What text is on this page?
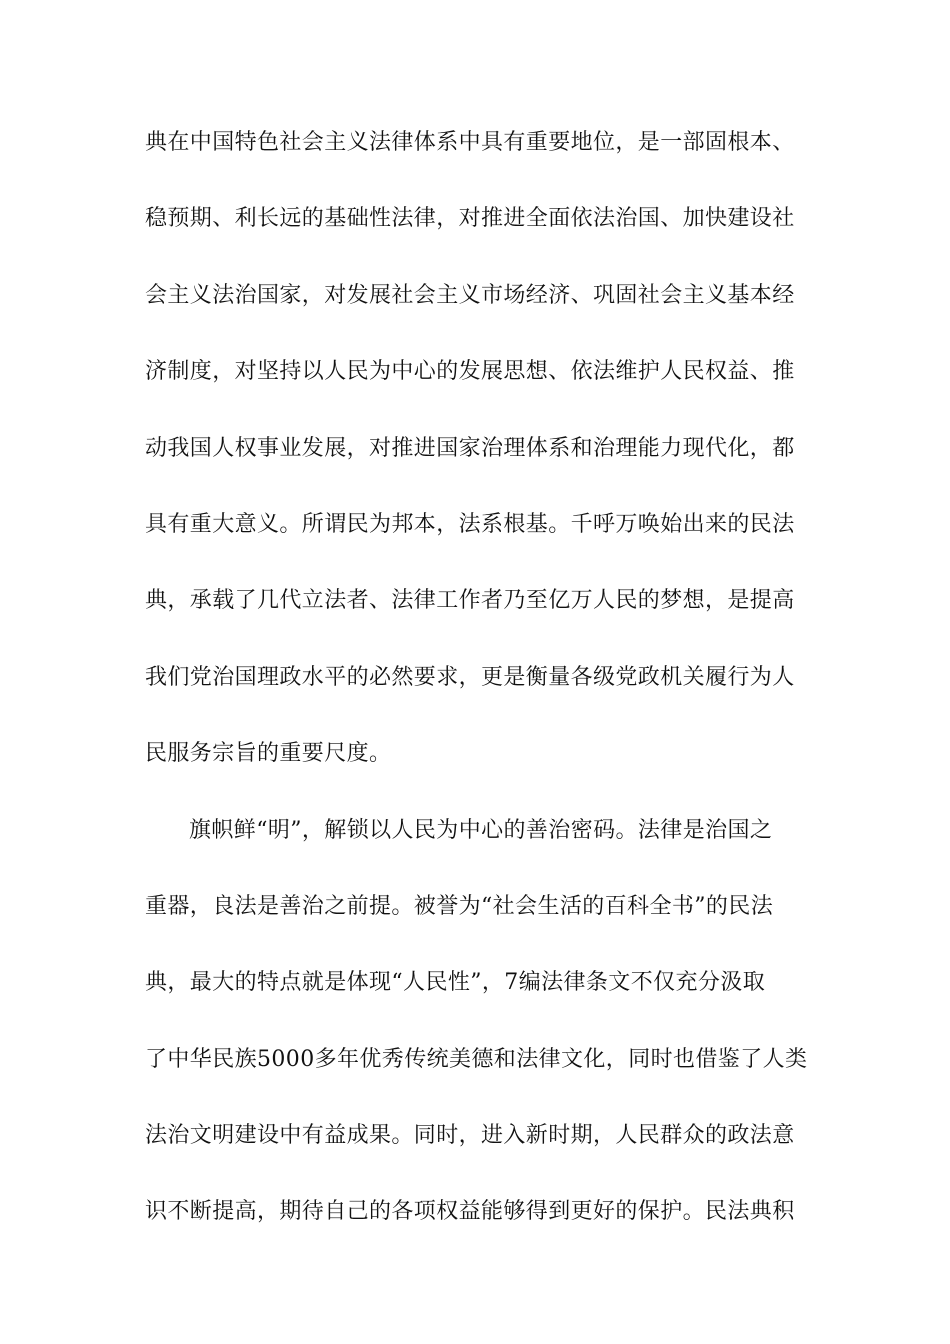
典在中国特色社会主义法律体系中具有重要地位，是一部固根本、
稳预期、利长远的基础性法律，对推进全面依法治国、加快建设社
会主义法治国家，对发展社会主义市场经济、巩固社会主义基本经
济制度，对坚持以人民为中心的发展思想、依法维护人民权益、推
动我国人权事业发展，对推进国家治理体系和治理能力现代化，都
具有重大意义。所谓民为邦本，法系根基。千呼万唤始出来的民法
典，承载了几代立法者、法律工作者乃至亿万人民的梦想，是提高
我们党治国理政水平的必然要求，更是衡量各级党政机关履行为人
民服务宗旨的重要尺度。
旗帜鲜“明”，解锁以人民为中心的善治密码。法律是治国之
重器，良法是善治之前提。被誉为“社会生活的百科全书”的民法
典，最大的特点就是体现“人民性”，7编法律条文不仅充分汲取
了中华民族5000多年优秀传统美德和法律文化，同时也借鉴了人类
法治文明建设中有益成果。同时，进入新时期，人民群众的政法意
识不断提高，期待自己的各项权益能够得到更好的保护。民法典积
